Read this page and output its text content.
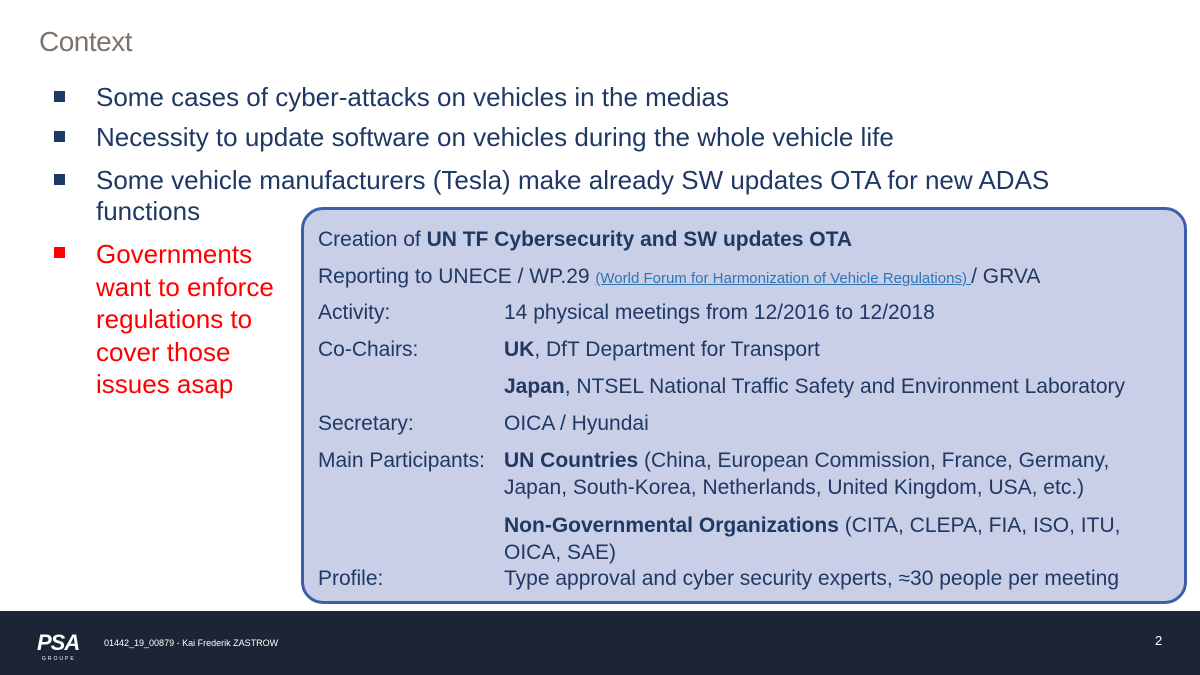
Context
Some cases of cyber-attacks on vehicles in the medias
Necessity to update software on vehicles during the whole vehicle life
Some vehicle manufacturers (Tesla) make already SW updates OTA for new ADAS functions
Governments want to enforce regulations to cover those issues asap
Creation of UN TF Cybersecurity and SW updates OTA
Reporting to UNECE / WP.29 (World Forum for Harmonization of Vehicle Regulations) / GRVA
Activity:	14 physical meetings from 12/2016 to 12/2018
Co-Chairs:	UK, DfT Department for Transport
Japan, NTSEL National Traffic Safety and Environment Laboratory
Secretary:	OICA / Hyundai
Main Participants: UN Countries (China, European Commission, France, Germany, Japan, South-Korea, Netherlands, United Kingdom, USA, etc.)
Non-Governmental Organizations (CITA, CLEPA, FIA, ISO, ITU, OICA, SAE)
Profile:	Type approval and cyber security experts, ≈30 people per meeting
PSA
GROUPE
01442_19_00879 - Kai Frederik ZASTROW	2
